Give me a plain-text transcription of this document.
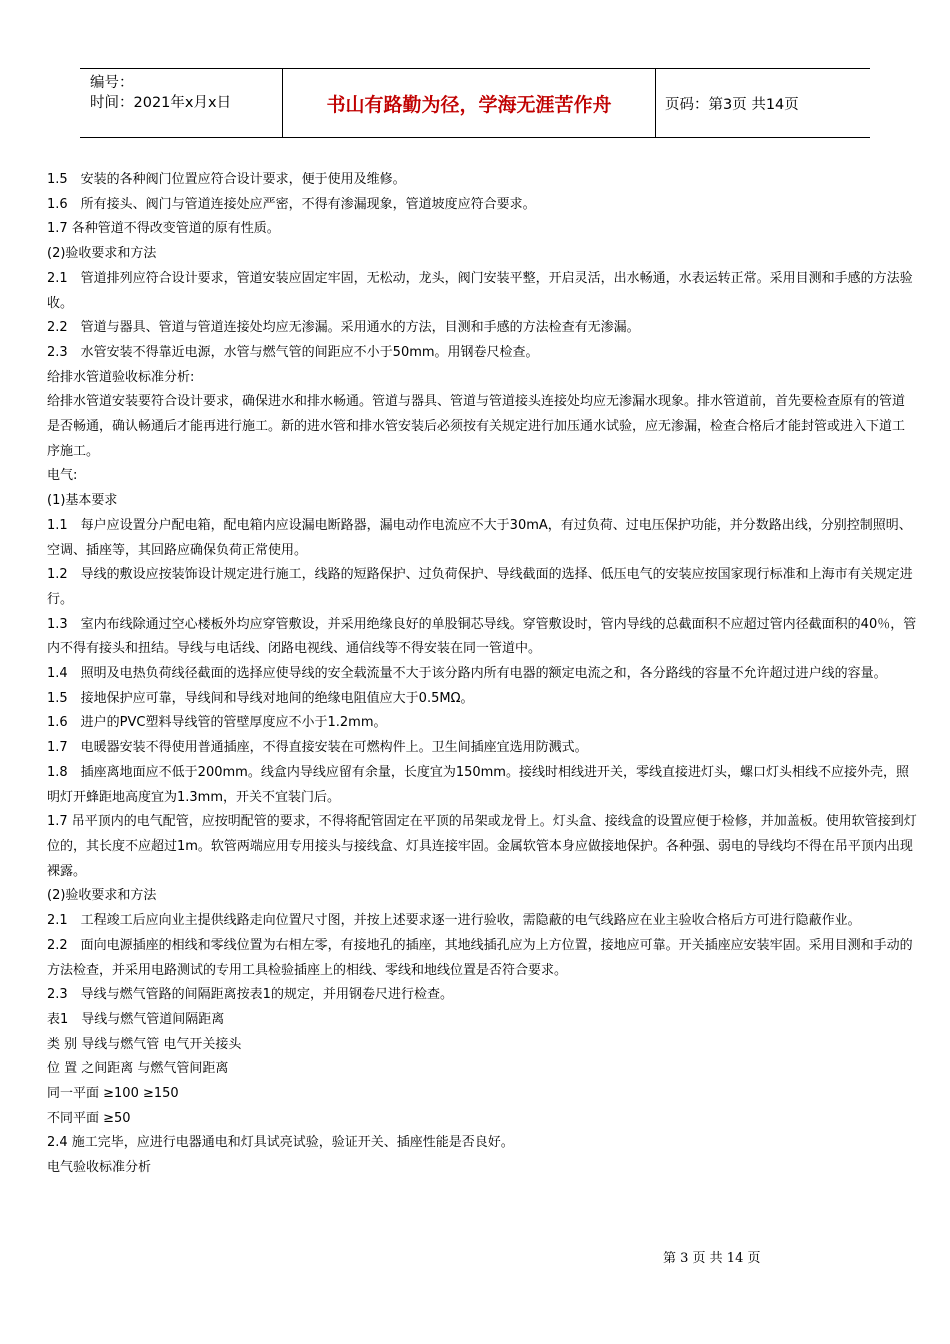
编号：
时间：2021年x月x日	书山有路勤为径，学海无涯苦作舟	页码：第3页 共14页

1.5　安装的各种阀门位置应符合设计要求，便于使用及维修。

1.6　所有接头、阀门与管道连接处应严密，不得有渗漏现象，管道坡度应符合要求。

1.7 各种管道不得改变管道的原有性质。

(2)验收要求和方法

2.1　管道排列应符合设计要求，管道安装应固定牢固，无松动，龙头，阀门安装平整，开启灵活，出水畅通，水表运转正常。采用目测和手感的方法验收。

2.2　管道与器具、管道与管道连接处均应无渗漏。采用通水的方法，目测和手感的方法检查有无渗漏。

2.3　水管安装不得靠近电源，水管与燃气管的间距应不小于50mm。用钢卷尺检查。

给排水管道验收标准分析:

给排水管道安装要符合设计要求，确保进水和排水畅通。管道与器具、管道与管道接头连接处均应无渗漏水现象。排水管道前，首先要检查原有的管道是否畅通，确认畅通后才能再进行施工。新的进水管和排水管安装后必须按有关规定进行加压通水试验，应无渗漏，检查合格后才能封管或进入下道工序施工。

电气:

(1)基本要求

1.1　每户应设置分户配电箱，配电箱内应设漏电断路器，漏电动作电流应不大于30mA，有过负荷、过电压保护功能，并分数路出线，分别控制照明、空调、插座等，其回路应确保负荷正常使用。

1.2　导线的敷设应按装饰设计规定进行施工，线路的短路保护、过负荷保护、导线截面的选择、低压电气的安装应按国家现行标准和上海市有关规定进行。

1.3　室内布线除通过空心楼板外均应穿管敷设，并采用绝缘良好的单股铜芯导线。穿管敷设时，管内导线的总截面积不应超过管内径截面积的40％，管内不得有接头和扭结。导线与电话线、闭路电视线、通信线等不得安装在同一管道中。

1.4　照明及电热负荷线径截面的选择应使导线的安全载流量不大于该分路内所有电器的额定电流之和，各分路线的容量不允许超过进户线的容量。

1.5　接地保护应可靠，导线间和导线对地间的绝缘电阻值应大于0.5MΩ。

1.6　进户的PVC塑料导线管的管壁厚度应不小于1.2mm。

1.7　电暖器安装不得使用普通插座，不得直接安装在可燃构件上。卫生间插座宜选用防溅式。

1.8　插座离地面应不低于200mm。线盒内导线应留有余量，长度宜为150mm。接线时相线进开关，零线直接进灯头，螺口灯头相线不应接外壳，照明灯开蜂距地高度宜为1.3mm，开关不宜装门后。

1.7 吊平顶内的电气配管，应按明配管的要求，不得将配管固定在平顶的吊架或龙骨上。灯头盒、接线盒的设置应便于检修，并加盖板。使用软管接到灯位的，其长度不应超过1m。软管两端应用专用接头与接线盒、灯具连接牢固。金属软管本身应做接地保护。各种强、弱电的导线均不得在吊平顶内出现裸露。

(2)验收要求和方法

2.1　工程竣工后应向业主提供线路走向位置尺寸图，并按上述要求逐一进行验收，需隐蔽的电气线路应在业主验收合格后方可进行隐蔽作业。

2.2　面向电源插座的相线和零线位置为右相左零，有接地孔的插座，其地线插孔应为上方位置，接地应可靠。开关插座应安装牢固。采用目测和手动的方法检查，并采用电路测试的专用工具检验插座上的相线、零线和地线位置是否符合要求。

2.3　导线与燃气管路的间隔距离按表1的规定，并用钢卷尺进行检查。

表1　导线与燃气管道间隔距离

类 别 导线与燃气管 电气开关接头

位 置 之间距离 与燃气管间距离

同一平面 ≥100 ≥150

不同平面 ≥50

2.4 施工完毕，应进行电器通电和灯具试亮试验，验证开关、插座性能是否良好。

电气验收标准分析

第 3 页 共 14 页
